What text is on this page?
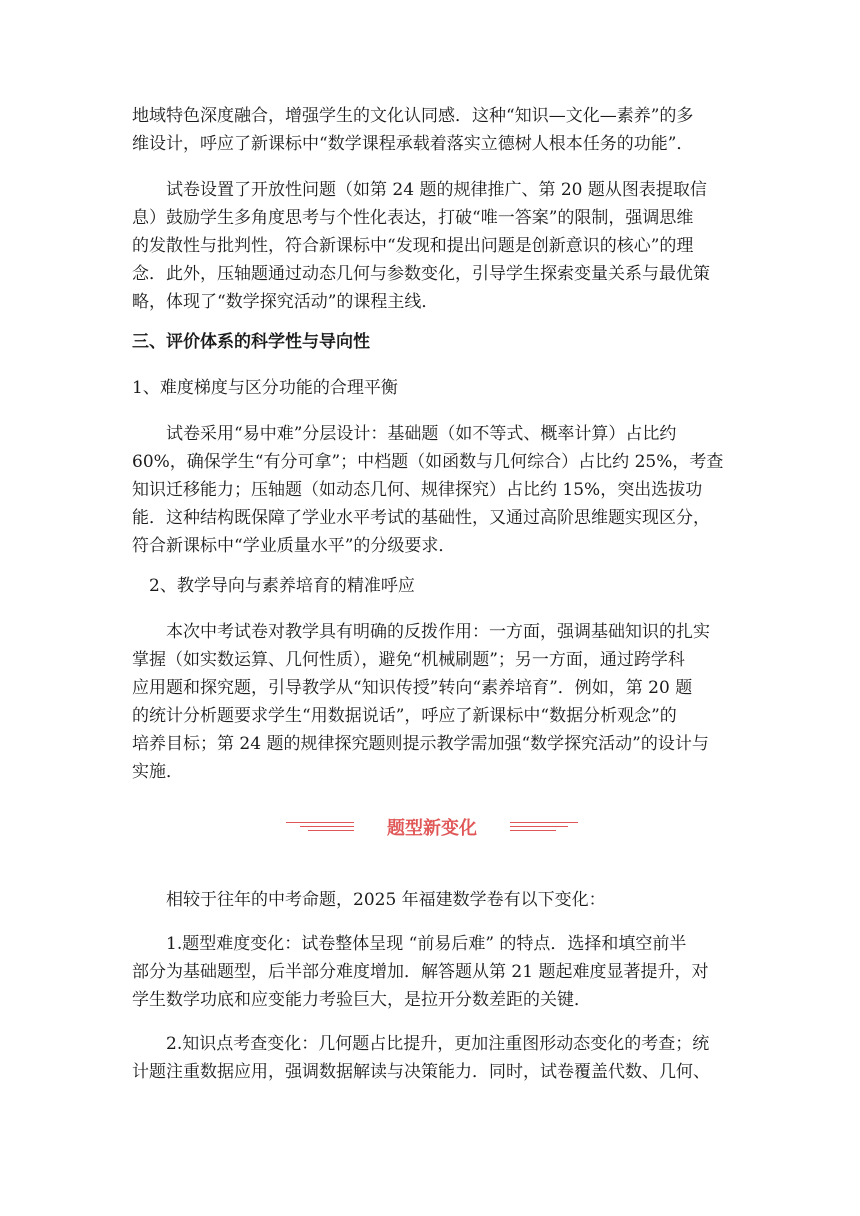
地域特色深度融合，增强学生的文化认同感．这种“知识—文化—素养”的多
维设计，呼应了新课标中“数学课程承载着落实立德树人根本任务的功能”．
　　试卷设置了开放性问题（如第 24 题的规律推广、第 20 题从图表提取信
息）鼓励学生多角度思考与个性化表达，打破“唯一答案”的限制，强调思维
的发散性与批判性，符合新课标中“发现和提出问题是创新意识的核心”的理
念．此外，压轴题通过动态几何与参数变化，引导学生探索变量关系与最优策
略，体现了“数学探究活动”的课程主线．
三、评价体系的科学性与导向性
1、难度梯度与区分功能的合理平衡
　　试卷采用“易中难”分层设计：基础题（如不等式、概率计算）占比约
60%，确保学生“有分可拿”；中档题（如函数与几何综合）占比约 25%，考查
知识迁移能力；压轴题（如动态几何、规律探究）占比约 15%，突出选拔功
能．这种结构既保障了学业水平考试的基础性，又通过高阶思维题实现区分，
符合新课标中“学业质量水平”的分级要求．
　2、教学导向与素养培育的精准呼应
　　本次中考试卷对教学具有明确的反拨作用：一方面，强调基础知识的扎实
掌握（如实数运算、几何性质），避免“机械刷题”；另一方面，通过跨学科
应用题和探究题，引导教学从“知识传授”转向“素养培育”．例如，第 20 题
的统计分析题要求学生“用数据说话”，呼应了新课标中“数据分析观念”的
培养目标；第 24 题的规律探究题则提示教学需加强“数学探究活动”的设计与
实施．
题型新变化
　　相较于往年的中考命题，2025 年福建数学卷有以下变化：
　　1.题型难度变化：试卷整体呈现 “前易后难” 的特点．选择和填空前半
部分为基础题型，后半部分难度增加．解答题从第 21 题起难度显著提升，对
学生数学功底和应变能力考验巨大，是拉开分数差距的关键．
　　2.知识点考查变化：几何题占比提升，更加注重图形动态变化的考查；统
计题注重数据应用，强调数据解读与决策能力．同时，试卷覆盖代数、几何、
